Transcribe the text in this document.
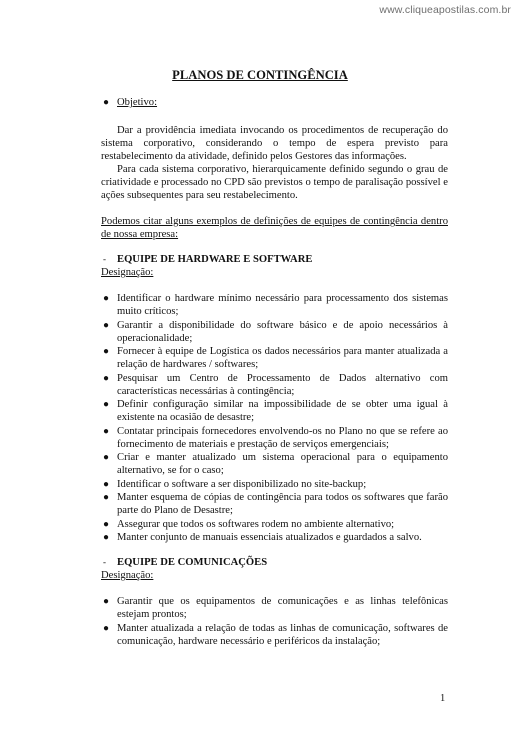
www.cliqueapostilas.com.br
PLANOS DE CONTINGÊNCIA
● Objetivo:

Dar a providência imediata invocando os procedimentos de recuperação do sistema corporativo, considerando o tempo de espera previsto para restabelecimento da atividade, definido pelos Gestores das informações.

Para cada sistema corporativo, hierarquicamente definido segundo o grau de criatividade e processado no CPD são previstos o tempo de paralisação possível e ações subsequentes para seu restabelecimento.

Podemos citar alguns exemplos de definições de equipes de contingência dentro de nossa empresa:

-	EQUIPE DE HARDWARE E SOFTWARE

Designação:

● Identificar o hardware mínimo necessário para processamento dos sistemas muito críticos;
● Garantir a disponibilidade do software básico e de apoio necessários à operacionalidade;
● Fornecer à equipe de Logística os dados necessários para manter atualizada a relação de hardwares / softwares;
● Pesquisar um Centro de Processamento de Dados alternativo com características necessárias à contingência;
● Definir configuração similar na impossibilidade de se obter uma igual à existente na ocasião de desastre;
● Contatar principais fornecedores envolvendo-os no Plano no que se refere ao fornecimento de materiais e prestação de serviços emergenciais;
● Criar e manter atualizado um sistema operacional para o equipamento alternativo, se for o caso;
● Identificar o software a ser disponibilizado no site-backup;
● Manter esquema de cópias de contingência para todos os softwares que farão parte do Plano de Desastre;
● Assegurar que todos os softwares rodem no ambiente alternativo;
● Manter conjunto de manuais essenciais atualizados e guardados a salvo.
-	EQUIPE DE COMUNICAÇÕES

Designação:

● Garantir que os equipamentos de comunicações e as linhas telefônicas estejam prontos;
● Manter atualizada a relação de todas as linhas de comunicação, softwares de comunicação, hardware necessário e periféricos da instalação;
1
